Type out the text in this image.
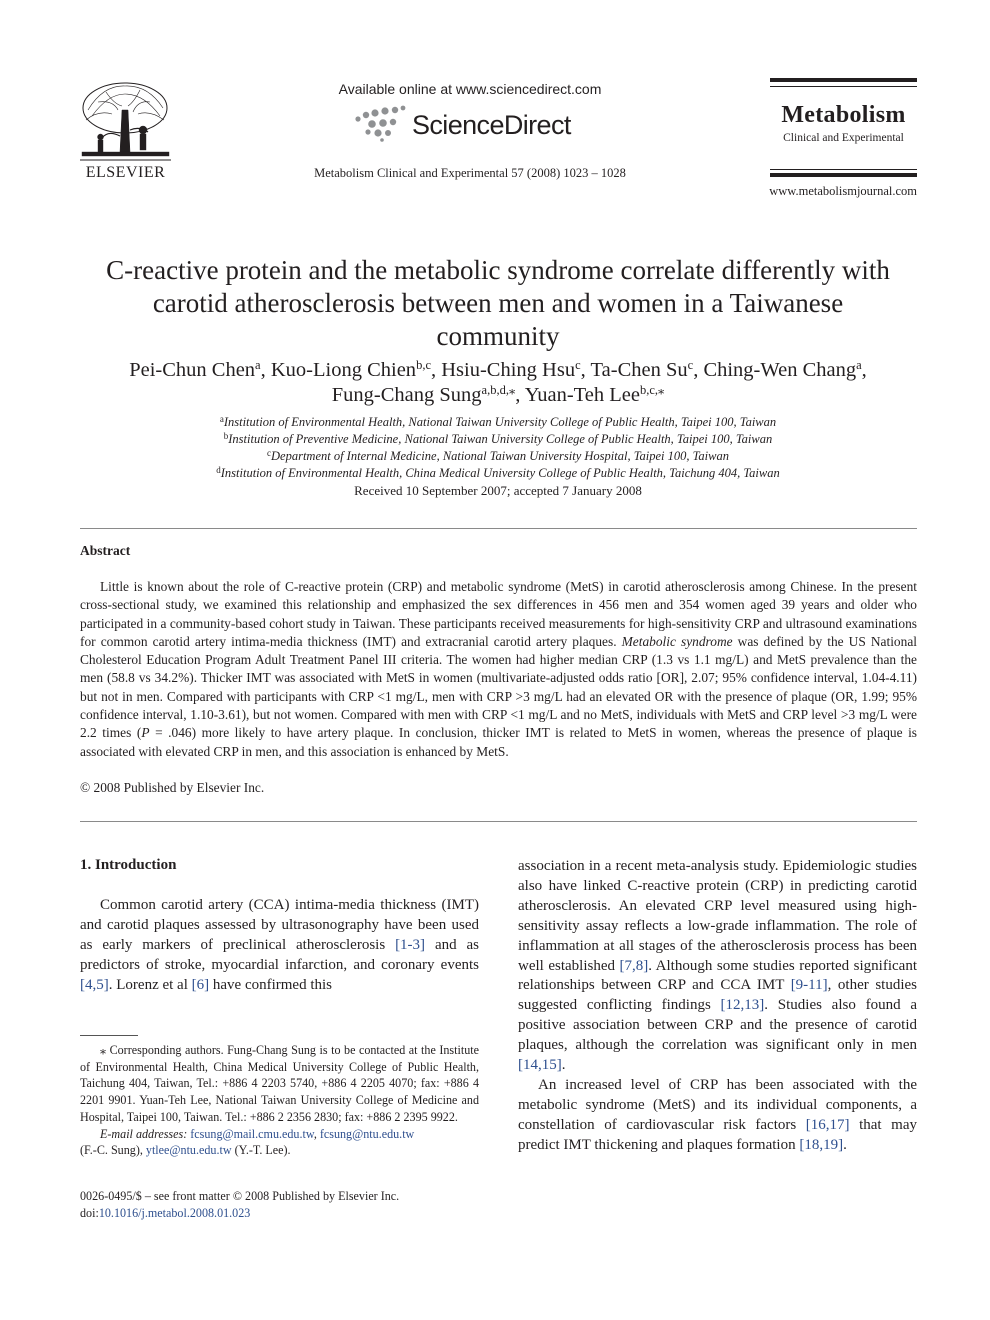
ELSEVIER
Available online at www.sciencedirect.com
ScienceDirect
Metabolism Clinical and Experimental 57 (2008) 1023 – 1028
Metabolism
Clinical and Experimental
www.metabolismjournal.com
C-reactive protein and the metabolic syndrome correlate differently with carotid atherosclerosis between men and women in a Taiwanese community
Pei-Chun Chen$^a$, Kuo-Liong Chien$^{b,c}$, Hsiu-Ching Hsu$^c$, Ta-Chen Su$^c$, Ching-Wen Chang$^a$,
Fung-Chang Sung$^{a,b,d,⁎}$, Yuan-Teh Lee$^{b,c,⁎}$
$^a$Institution of Environmental Health, National Taiwan University College of Public Health, Taipei 100, Taiwan
$^b$Institution of Preventive Medicine, National Taiwan University College of Public Health, Taipei 100, Taiwan
$^c$Department of Internal Medicine, National Taiwan University Hospital, Taipei 100, Taiwan
$^d$Institution of Environmental Health, China Medical University College of Public Health, Taichung 404, Taiwan
Received 10 September 2007; accepted 7 January 2008
Abstract
Little is known about the role of C-reactive protein (CRP) and metabolic syndrome (MetS) in carotid atherosclerosis among Chinese. In the present cross-sectional study, we examined this relationship and emphasized the sex differences in 456 men and 354 women aged 39 years and older who participated in a community-based cohort study in Taiwan. These participants received measurements for high-sensitivity CRP and ultrasound examinations for common carotid artery intima-media thickness (IMT) and extracranial carotid artery plaques. Metabolic syndrome was defined by the US National Cholesterol Education Program Adult Treatment Panel III criteria. The women had higher median CRP (1.3 vs 1.1 mg/L) and MetS prevalence than the men (58.8 vs 34.2%). Thicker IMT was associated with MetS in women (multivariate-adjusted odds ratio [OR], 2.07; 95% confidence interval, 1.04-4.11) but not in men. Compared with participants with CRP <1 mg/L, men with CRP >3 mg/L had an elevated OR with the presence of plaque (OR, 1.99; 95% confidence interval, 1.10-3.61), but not women. Compared with men with CRP <1 mg/L and no MetS, individuals with MetS and CRP level >3 mg/L were 2.2 times (P = .046) more likely to have artery plaque. In conclusion, thicker IMT is related to MetS in women, whereas the presence of plaque is associated with elevated CRP in men, and this association is enhanced by MetS.
© 2008 Published by Elsevier Inc.
1. Introduction
Common carotid artery (CCA) intima-media thickness (IMT) and carotid plaques assessed by ultrasonography have been used as early markers of preclinical atherosclerosis [1-3] and as predictors of stroke, myocardial infarction, and coronary events [4,5]. Lorenz et al [6] have confirmed this

association in a recent meta-analysis study. Epidemiologic studies also have linked C-reactive protein (CRP) in predicting carotid atherosclerosis. An elevated CRP level measured using high-sensitivity assay reflects a low-grade inflammation. The role of inflammation at all stages of the atherosclerosis process has been well established [7,8]. Although some studies reported significant relationships between CRP and CCA IMT [9-11], other studies suggested conflicting findings [12,13]. Studies also found a positive association between CRP and the presence of carotid plaques, although the correlation was significant only in men [14,15].

An increased level of CRP has been associated with the metabolic syndrome (MetS) and its individual components, a constellation of cardiovascular risk factors [16,17] that may predict IMT thickening and plaques formation [18,19].

⁎ Corresponding authors. Fung-Chang Sung is to be contacted at the Institute of Environmental Health, China Medical University College of Public Health, Taichung 404, Taiwan, Tel.: +886 4 2203 5740, +886 4 2205 4070; fax: +886 4 2201 9901. Yuan-Teh Lee, National Taiwan University College of Medicine and Hospital, Taipei 100, Taiwan. Tel.: +886 2 2356 2830; fax: +886 2 2395 9922.

E-mail addresses: fcsung@mail.cmu.edu.tw, fcsung@ntu.edu.tw

(F.-C. Sung), ytlee@ntu.edu.tw (Y.-T. Lee).
0026-0495/$ – see front matter © 2008 Published by Elsevier Inc.
doi:10.1016/j.metabol.2008.01.023
